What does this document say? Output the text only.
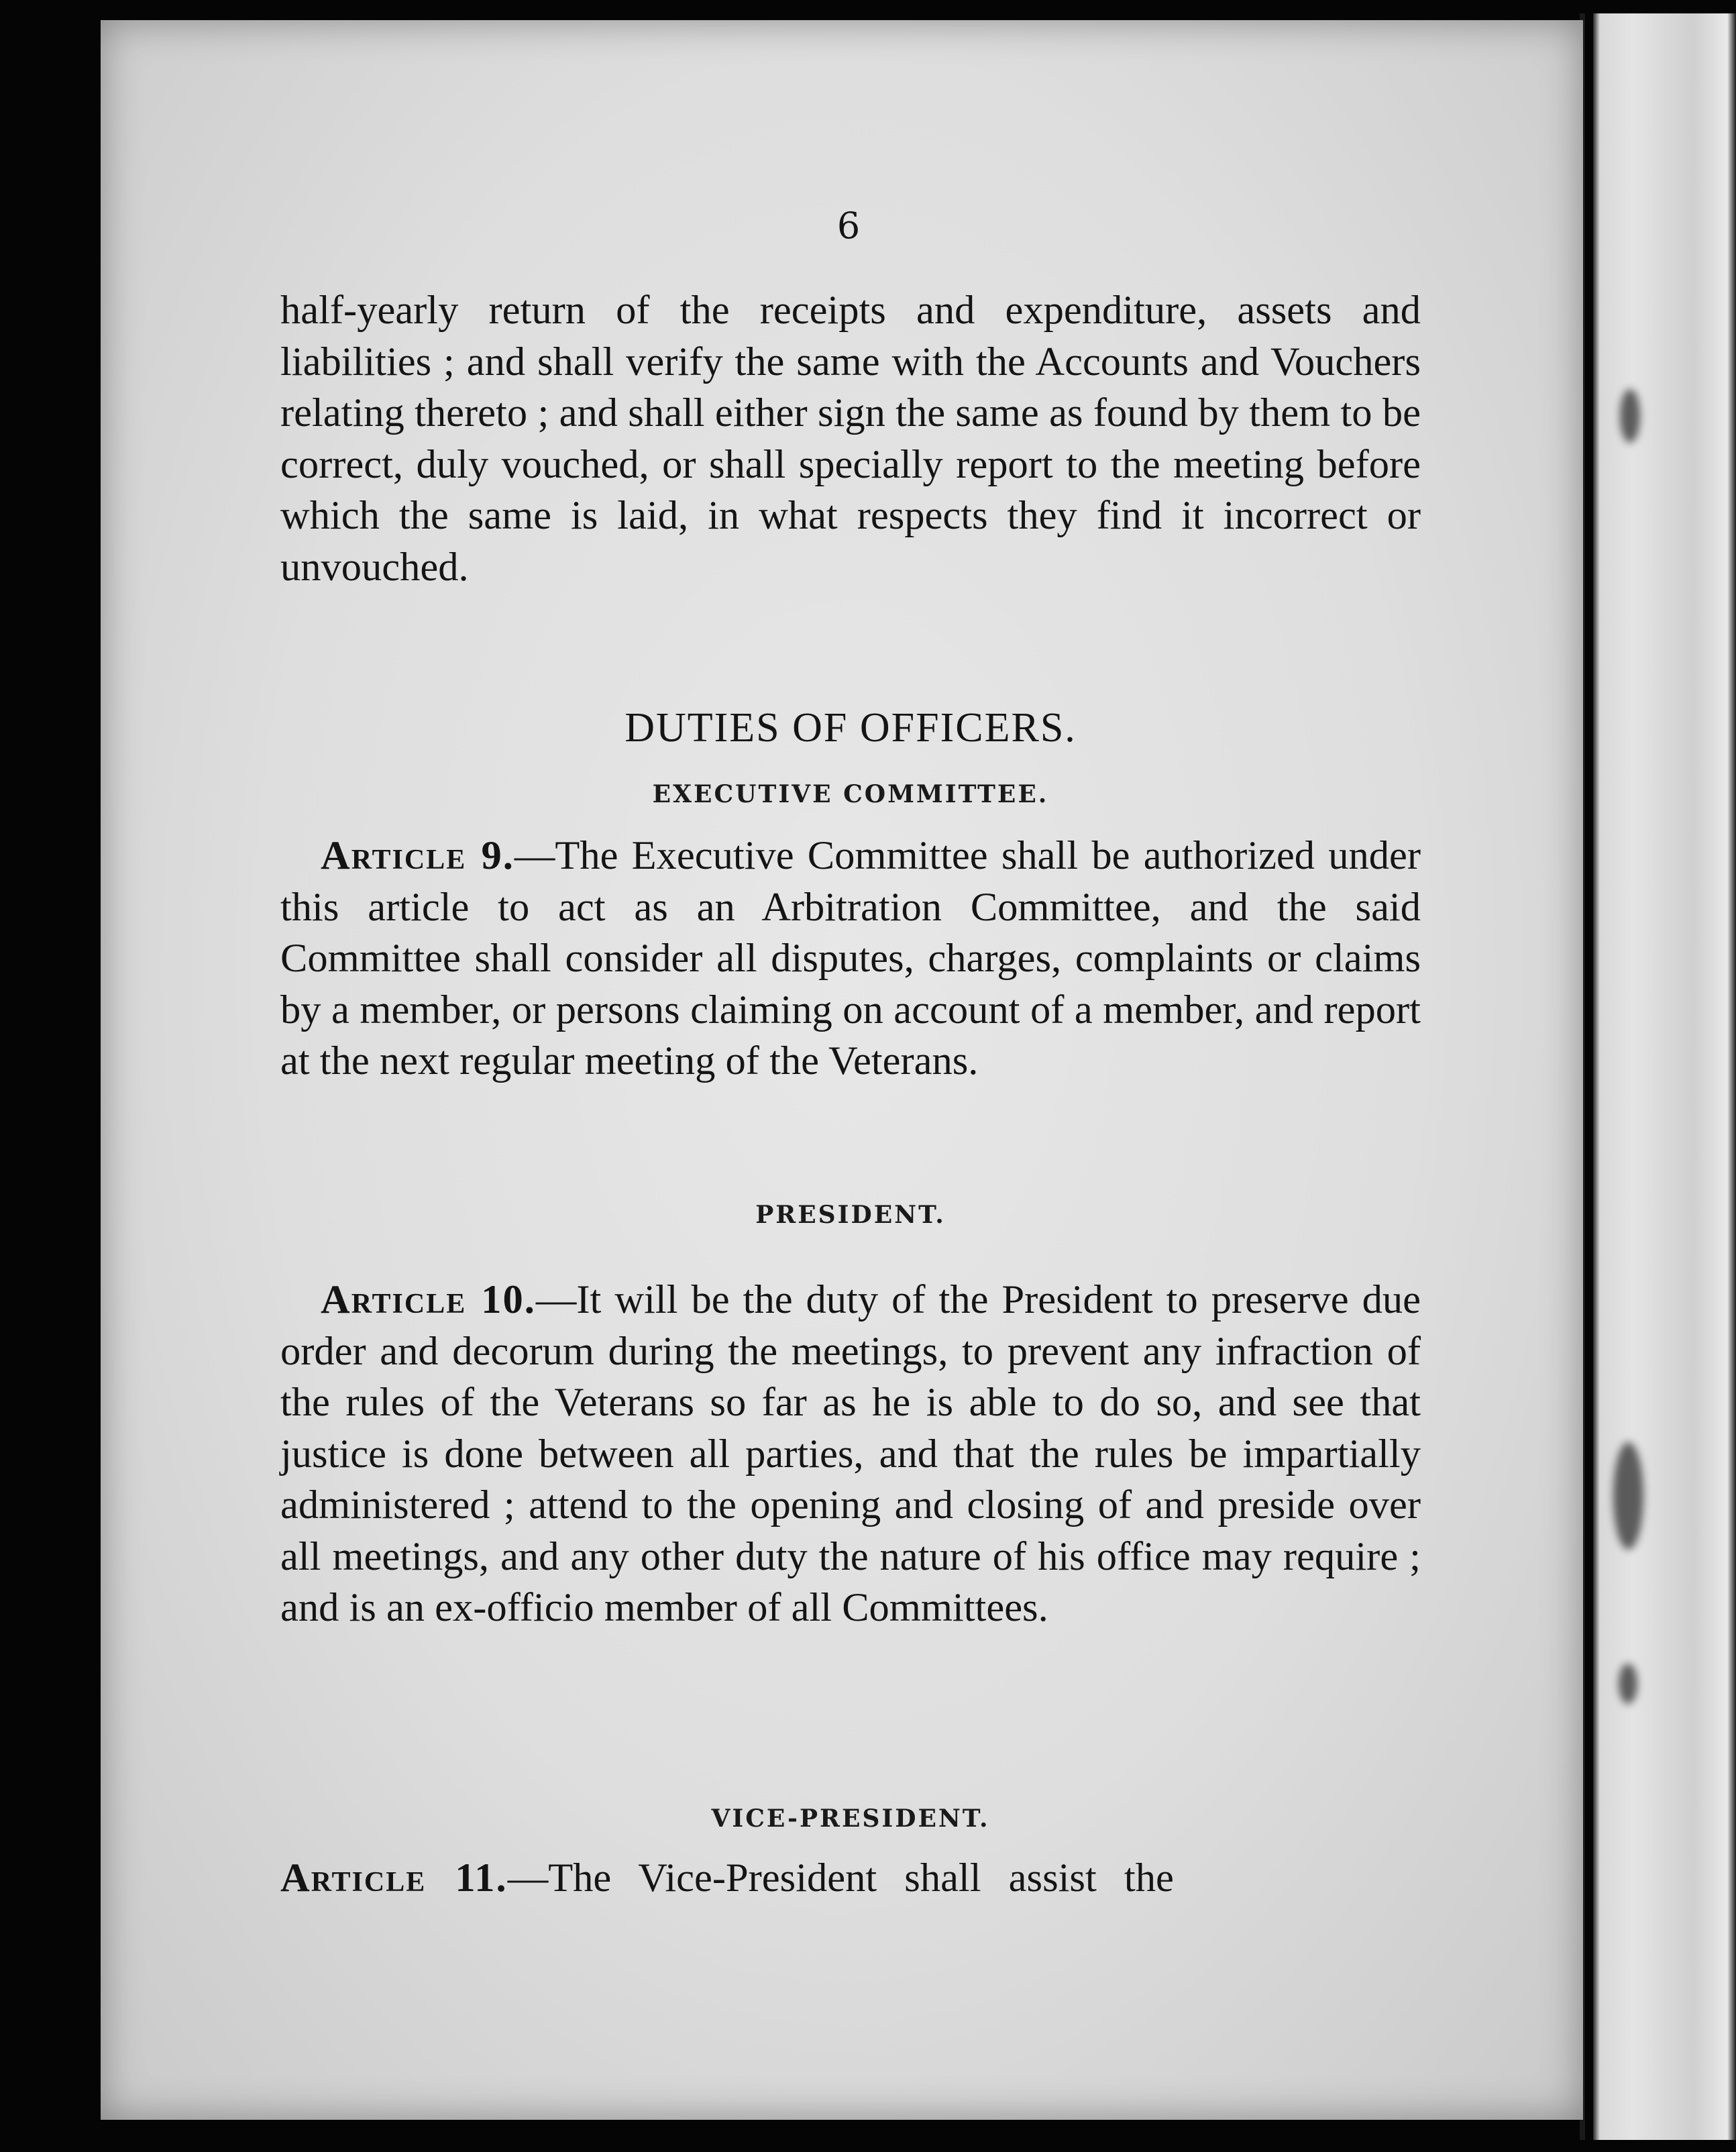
6

half-yearly return of the receipts and expenditure, assets and liabilities ; and shall verify the same with the Accounts and Vouchers relating thereto ; and shall either sign the same as found by them to be correct, duly vouched, or shall specially report to the meeting before which the same is laid, in what respects they find it incorrect or unvouched.

DUTIES OF OFFICERS.
EXECUTIVE COMMITTEE.

Article 9.—The Executive Committee shall be authorized under this article to act as an Arbitration Committee, and the said Committee shall consider all disputes, charges, complaints or claims by a member, or persons claiming on account of a member, and report at the next regular meeting of the Veterans.

PRESIDENT.

Article 10.—It will be the duty of the President to preserve due order and decorum during the meetings, to prevent any infraction of the rules of the Veterans so far as he is able to do so, and see that justice is done between all parties, and that the rules be impartially administered ; attend to the opening and closing of and preside over all meetings, and any other duty the nature of his office may require ; and is an ex-officio member of all Committees.

VICE-PRESIDENT.

Article 11.—The Vice-President shall assist the
